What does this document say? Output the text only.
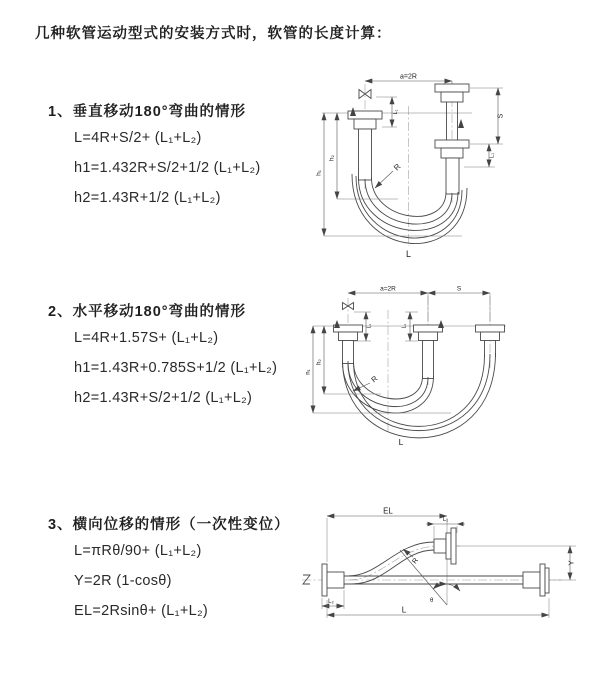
几种软管运动型式的安装方式时，软管的长度计算：
1、垂直移动180°弯曲的情形
L=4R+S/2+ (L₁+L₂)
h1=1.432R+S/2+1/2 (L₁+L₂)
h2=1.43R+1/2 (L₁+L₂)
2、水平移动180°弯曲的情形
L=4R+1.57S+ (L₁+L₂)
h1=1.43R+0.785S+1/2 (L₁+L₂)
h2=1.43R+S/2+1/2 (L₁+L₂)
3、横向位移的情形（一次性变位）
L=πRθ/90+ (L₁+L₂)
Y=2R (1-cosθ)
EL=2Rsinθ+ (L₁+L₂)
a=2R
h₂
h₁
L₁
S
L₁
R
L
a=2R	S
h₂
h₁
L₁	L₂
R
L
EL
L₁
Y
θ
R
L₂
L
